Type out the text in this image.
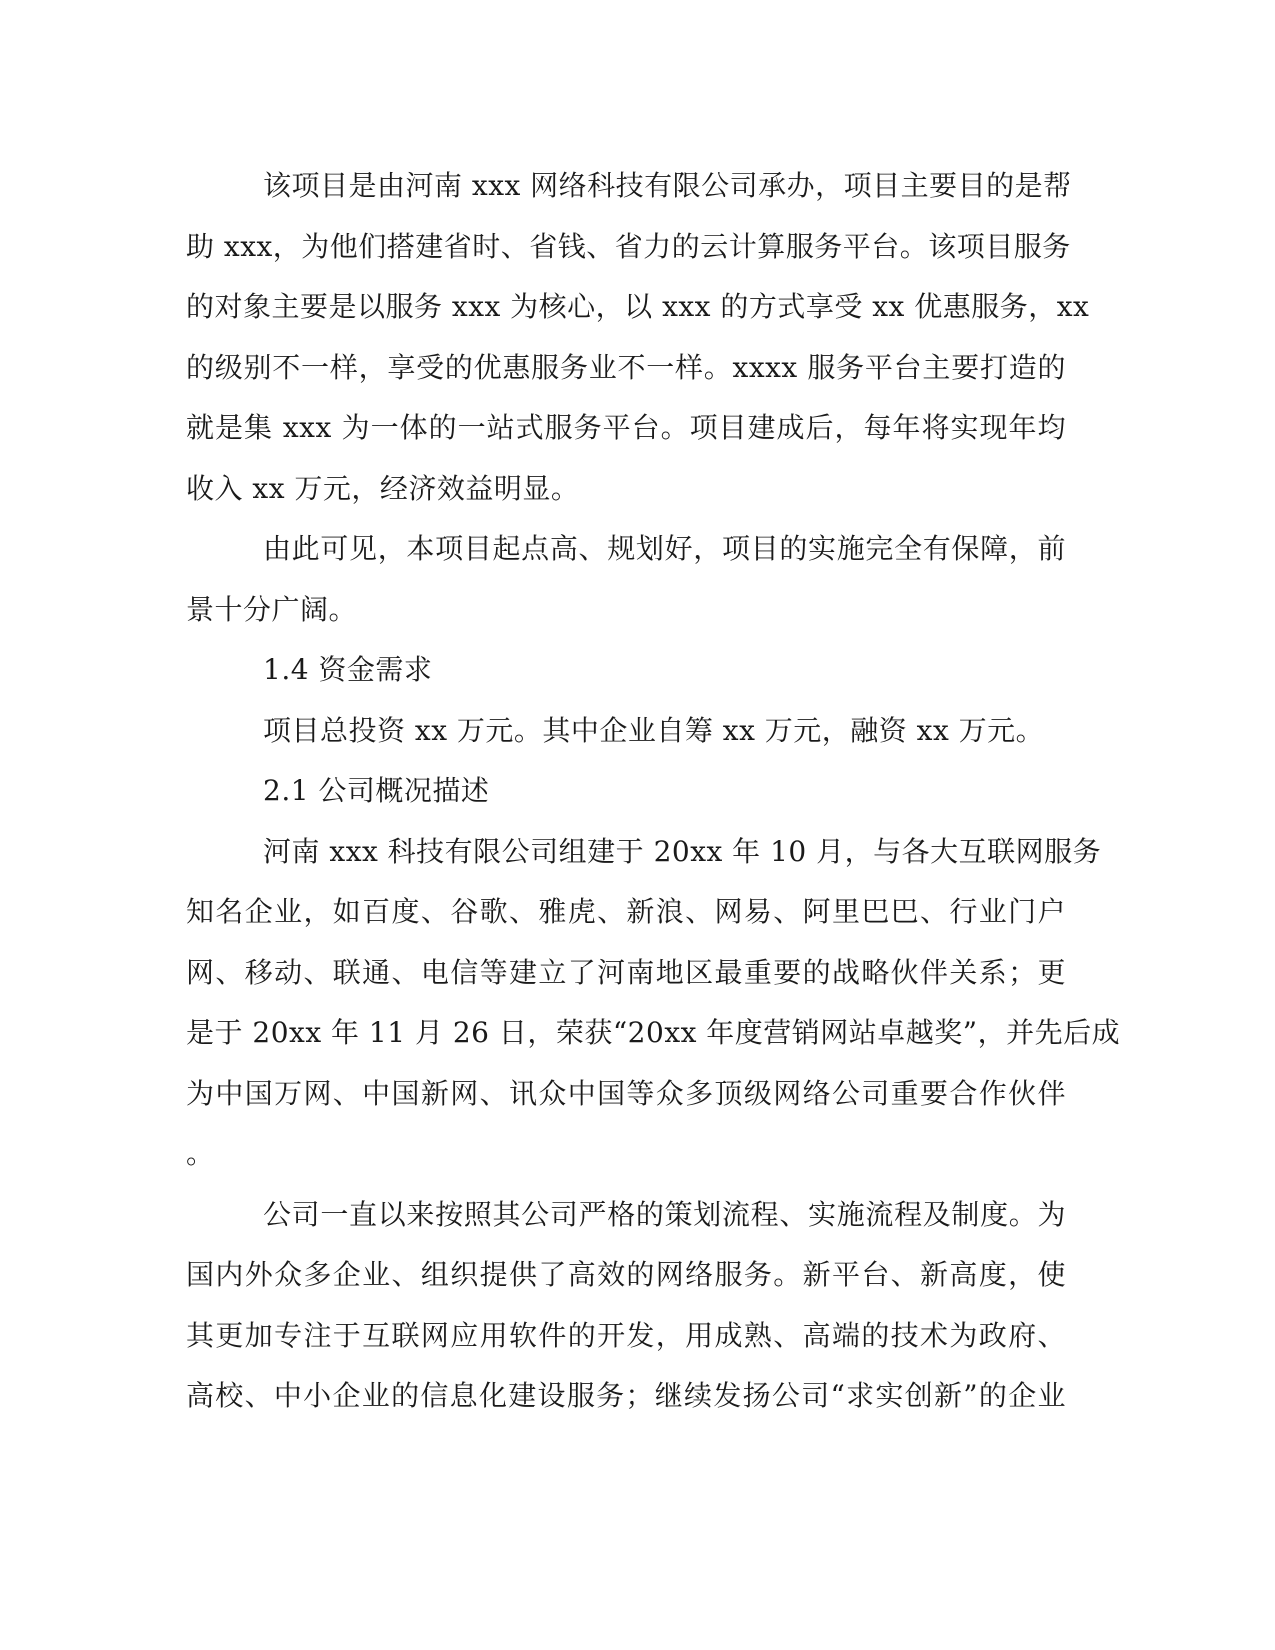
该项目是由河南 xxx 网络科技有限公司承办，项目主要目的是帮
助 xxx，为他们搭建省时、省钱、省力的云计算服务平台。该项目服务
的对象主要是以服务 xxx 为核心，以 xxx 的方式享受 xx 优惠服务，xx
的级别不一样，享受的优惠服务业不一样。xxxx 服务平台主要打造的
就是集 xxx 为一体的一站式服务平台。项目建成后，每年将实现年均
收入 xx 万元，经济效益明显。
由此可见，本项目起点高、规划好，项目的实施完全有保障，前
景十分广阔。
1.4 资金需求
项目总投资 xx 万元。其中企业自筹 xx 万元，融资 xx 万元。
2.1 公司概况描述
河南 xxx 科技有限公司组建于 20xx 年 10 月，与各大互联网服务
知名企业，如百度、谷歌、雅虎、新浪、网易、阿里巴巴、行业门户
网、移动、联通、电信等建立了河南地区最重要的战略伙伴关系；更
是于 20xx 年 11 月 26 日，荣获“20xx 年度营销网站卓越奖”，并先后成
为中国万网、中国新网、讯众中国等众多顶级网络公司重要合作伙伴
。
公司一直以来按照其公司严格的策划流程、实施流程及制度。为
国内外众多企业、组织提供了高效的网络服务。新平台、新高度，使
其更加专注于互联网应用软件的开发，用成熟、高端的技术为政府、
高校、中小企业的信息化建设服务；继续发扬公司“求实创新”的企业
